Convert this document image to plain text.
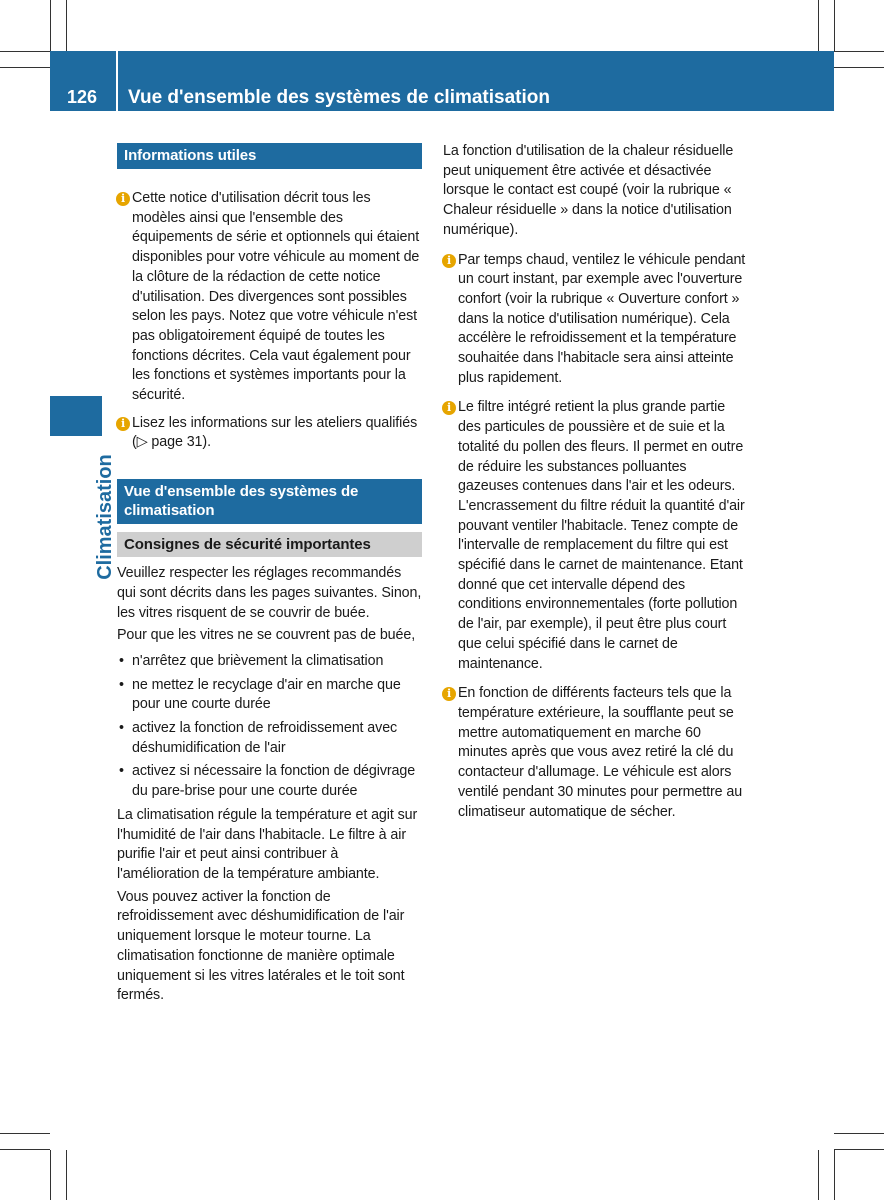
126	Vue d'ensemble des systèmes de climatisation
Climatisation
Informations utiles
i Cette notice d'utilisation décrit tous les modèles ainsi que l'ensemble des équipements de série et optionnels qui étaient disponibles pour votre véhicule au moment de la clôture de la rédaction de cette notice d'utilisation. Des divergences sont possibles selon les pays. Notez que votre véhicule n'est pas obligatoirement équipé de toutes les fonctions décrites. Cela vaut également pour les fonctions et systèmes importants pour la sécurité.

i Lisez les informations sur les ateliers qualifiés (▷ page 31).

Vue d'ensemble des systèmes de climatisation
Consignes de sécurité importantes

Veuillez respecter les réglages recommandés qui sont décrits dans les pages suivantes. Sinon, les vitres risquent de se couvrir de buée.

Pour que les vitres ne se couvrent pas de buée,

• n'arrêtez que brièvement la climatisation
• ne mettez le recyclage d'air en marche que pour une courte durée
• activez la fonction de refroidissement avec déshumidification de l'air
• activez si nécessaire la fonction de dégivrage du pare-brise pour une courte durée

La climatisation régule la température et agit sur l'humidité de l'air dans l'habitacle. Le filtre à air purifie l'air et peut ainsi contribuer à l'amélioration de la température ambiante.

Vous pouvez activer la fonction de refroidissement avec déshumidification de l'air uniquement lorsque le moteur tourne. La climatisation fonctionne de manière optimale uniquement si les vitres latérales et le toit sont fermés.

La fonction d'utilisation de la chaleur résiduelle peut uniquement être activée et désactivée lorsque le contact est coupé (voir la rubrique « Chaleur résiduelle » dans la notice d'utilisation numérique).

i Par temps chaud, ventilez le véhicule pendant un court instant, par exemple avec l'ouverture confort (voir la rubrique « Ouverture confort » dans la notice d'utilisation numérique). Cela accélère le refroidissement et la température souhaitée dans l'habitacle sera ainsi atteinte plus rapidement.

i Le filtre intégré retient la plus grande partie des particules de poussière et de suie et la totalité du pollen des fleurs. Il permet en outre de réduire les substances polluantes gazeuses contenues dans l'air et les odeurs. L'encrassement du filtre réduit la quantité d'air pouvant ventiler l'habitacle. Tenez compte de l'intervalle de remplacement du filtre qui est spécifié dans le carnet de maintenance. Etant donné que cet intervalle dépend des conditions environnementales (forte pollution de l'air, par exemple), il peut être plus court que celui spécifié dans le carnet de maintenance.

i En fonction de différents facteurs tels que la température extérieure, la soufflante peut se mettre automatiquement en marche 60 minutes après que vous avez retiré la clé du contacteur d'allumage. Le véhicule est alors ventilé pendant 30 minutes pour permettre au climatiseur automatique de sécher.
